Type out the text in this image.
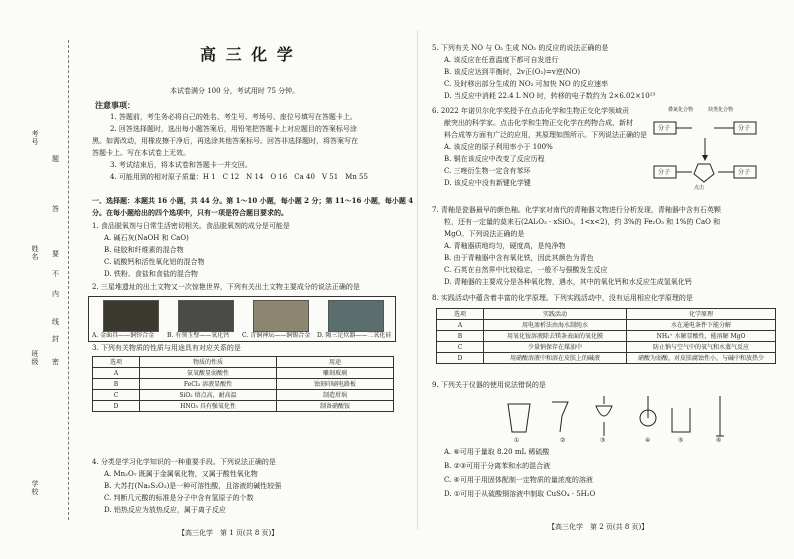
考号
姓名
班级
学校
题
答
要
不
内
线
封
密
高 三 化 学
本试卷满分 100 分，考试用时 75 分钟。
注意事项：
1. 答题前，考生务必将自己的姓名、考生号、考场号、座位号填写在答题卡上。
2. 回答选择题时，选出每小题答案后，用铅笔把答题卡上对应题目的答案标号涂
黑。如需改动，用橡皮擦干净后，再选涂其他答案标号。回答非选择题时，将答案写在
答题卡上。写在本试卷上无效。
3. 考试结束后，将本试卷和答题卡一并交回。
4. 可能用到的相对原子质量：H 1　C 12　N 14　O 16　Ca 40　V 51　Mn 55
一、选择题：本题共 16 小题，共 44 分。第 1～10 小题，每小题 2 分；第 11～16 小题，每小题 4
分。在每小题给出的四个选项中，只有一项是符合题目要求的。
1. 食品脱氧剂与日常生活密切相关。食品脱氧剂的成分是可能是
A. 碱石灰(NaOH 和 CaO)
B. 硅胶和纤维素的混合物
C. 硫酸钙和活性氧化铝的混合物
D. 铁粉、食盐和食盐的混合物
2. 三星堆遗址的出土文物又一次惊艳世界，下列有关出土文物主要成分的说法正确的是
A. 金面具——铜锌合金 B. 有领玉璧——氧化钙 C. 青铜神坛——铜锡合金 D. 陶三足炊器——二氧化硅
3. 下列有关物质的性质与用途具有对应关系的是
选项	物质的性质	用途
A	氨氧酸显弱酸性	雕刻玻璃
B	FeCl₃ 溶液显酸性	蚀刻印刷电路板
C	SiO₂ 熔点高，耐高温	制造坩埚
D	HNO₃ 具有强氧化性	制备硝酸铵
4. 分类是学习化学知识的一种重要手段。下列说法正确的是
A. Mn₂O₇ 既属于金属氧化物，又属于酸性氧化物
B. 大苏打(Na₂S₂O₃)是一种可溶性酸，且溶液的碱性较强
C. 判断几元酸的标准是分子中含有氢原子的个数
D. 铝热反应为放热反应，属于离子反应
【高三化学　第 1 页(共 8 页)】
5. 下列有关 NO 与 O₂ 生成 NO₂ 的反应的说法正确的是
A. 该反应在任意温度下都可自发进行
B. 该反应达到平衡时，2v正(O₂)=v逆(NO)
C. 及时移出部分生成的 NO₂ 可加快 NO 的反应速率
D. 当反应中消耗 22.4 L NO 时，转移的电子数约为 2×6.02×10²³
6. 2022 年诺贝尔化学奖授予在点击化学和生物正交化学领域贡
献突出的科学家。点击化学和生物正交化学在药物合成、新材
料合成等方面有广泛的应用，其原理如图所示。下列说法正确的是
A. 该反应的原子利用率小于 100%
B. 铜在该反应中改变了反应历程
C. 三唑衍生物一定含有苯环
D. 该反应中没有新键化学键
叠氮化合物	炔类化合物
分子	分子
分子	分子
点击
7. 青釉是瓷器最早的颜色釉。化学家对南代的青釉器文物进行分析发现，青釉器中含有石英颗
粒，还有一定量的莫来石(2Al₂O₃ · xSiO₂，1<x<2)，约 3%的 Fe₂O₃ 和 1%的 CaO 和
MgO。下列说法正确的是
A. 青釉器质地均匀，硬度高，是纯净物
B. 由于青釉器中含有氧化铁，因此其颜色为青色
C. 石英在自然界中比较稳定，一般不与强酸发生反应
D. 青釉器的主要成分是各种氧化物，遇水，其中的氧化钙和水反应生成氢氧化钙
8. 实践活动中蕴含着丰富的化学原理。下列实践活动中，没有运用相应化学原理的是
选项	实践活动	化学原理
A	用电渗析法由海水制纯水	水在通电条件下能分解
B	用氧化铵溶液除去镁条表面的氧化膜	NH₄⁺ 水解显酸性，能溶解 MgO
C	少量钠保存在煤油中	防止钠与空气中的氧气和水蒸气反应
D	用硝酸溶液中和溶在皮肤上的碱液	硝酸为弱酸，对皮肤腐蚀性小，与碱中和放热少
9. 下列关于仪器的使用说法错误的是
①	②	③	④	⑤	⑥
A. ⑥可用于量取 8.20 mL 稀硫酸
B. ②③可用于分离苯和水的混合液
C. ④可用于用固体配制一定物质的量浓度的溶液
D. ①可用于从硫酸铜溶液中制取 CuSO₄ · 5H₂O
【高三化学　第 2 页(共 8 页)】
